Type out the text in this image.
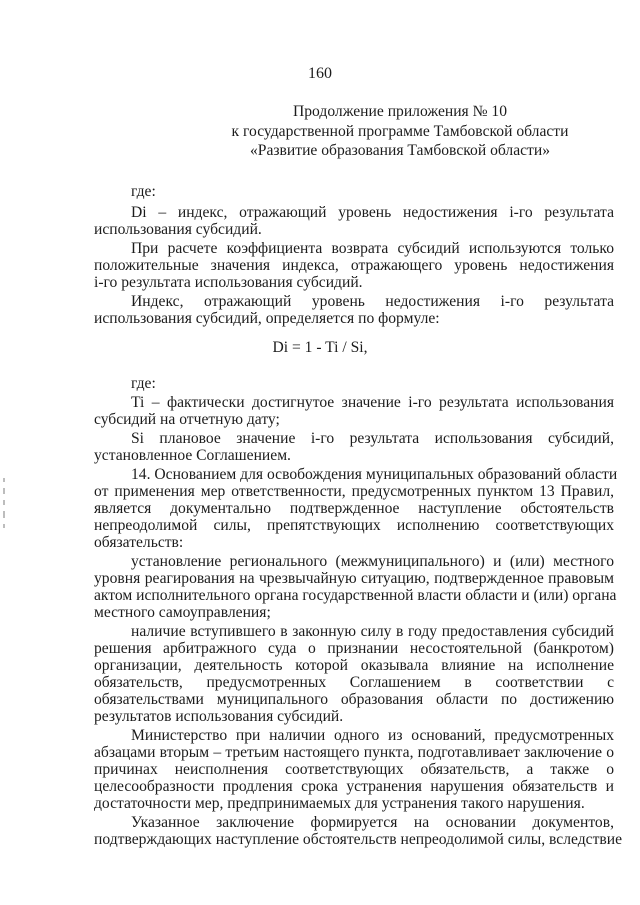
160
Продолжение приложения № 10
к государственной программе Тамбовской области
«Развитие образования Тамбовской области»
где:
Di – индекс, отражающий уровень недостижения i-го результата
использования субсидий.
При расчете коэффициента возврата субсидий используются только
положительные значения индекса, отражающего уровень недостижения
i-го результата использования субсидий.
Индекс, отражающий уровень недостижения i-го результата
использования субсидий, определяется по формуле:
Di = 1 - Ti / Si,
где:
Ti – фактически достигнутое значение i-го результата использования
субсидий на отчетную дату;
Si плановое значение i-го результата использования субсидий,
установленное Соглашением.
14. Основанием для освобождения муниципальных образований области
от применения мер ответственности, предусмотренных пунктом 13 Правил,
является документально подтвержденное наступление обстоятельств
непреодолимой силы, препятствующих исполнению соответствующих
обязательств:
установление регионального (межмуниципального) и (или) местного
уровня реагирования на чрезвычайную ситуацию, подтвержденное правовым
актом исполнительного органа государственной власти области и (или) органа
местного самоуправления;
наличие вступившего в законную силу в году предоставления субсидий
решения арбитражного суда о признании несостоятельной (банкротом)
организации, деятельность которой оказывала влияние на исполнение
обязательств, предусмотренных Соглашением в соответствии с
обязательствами муниципального образования области по достижению
результатов использования субсидий.
Министерство при наличии одного из оснований, предусмотренных
абзацами вторым – третьим настоящего пункта, подготавливает заключение о
причинах неисполнения соответствующих обязательств, а также о
целесообразности продления срока устранения нарушения обязательств и
достаточности мер, предпринимаемых для устранения такого нарушения.
Указанное заключение формируется на основании документов,
подтверждающих наступление обстоятельств непреодолимой силы, вследствие
